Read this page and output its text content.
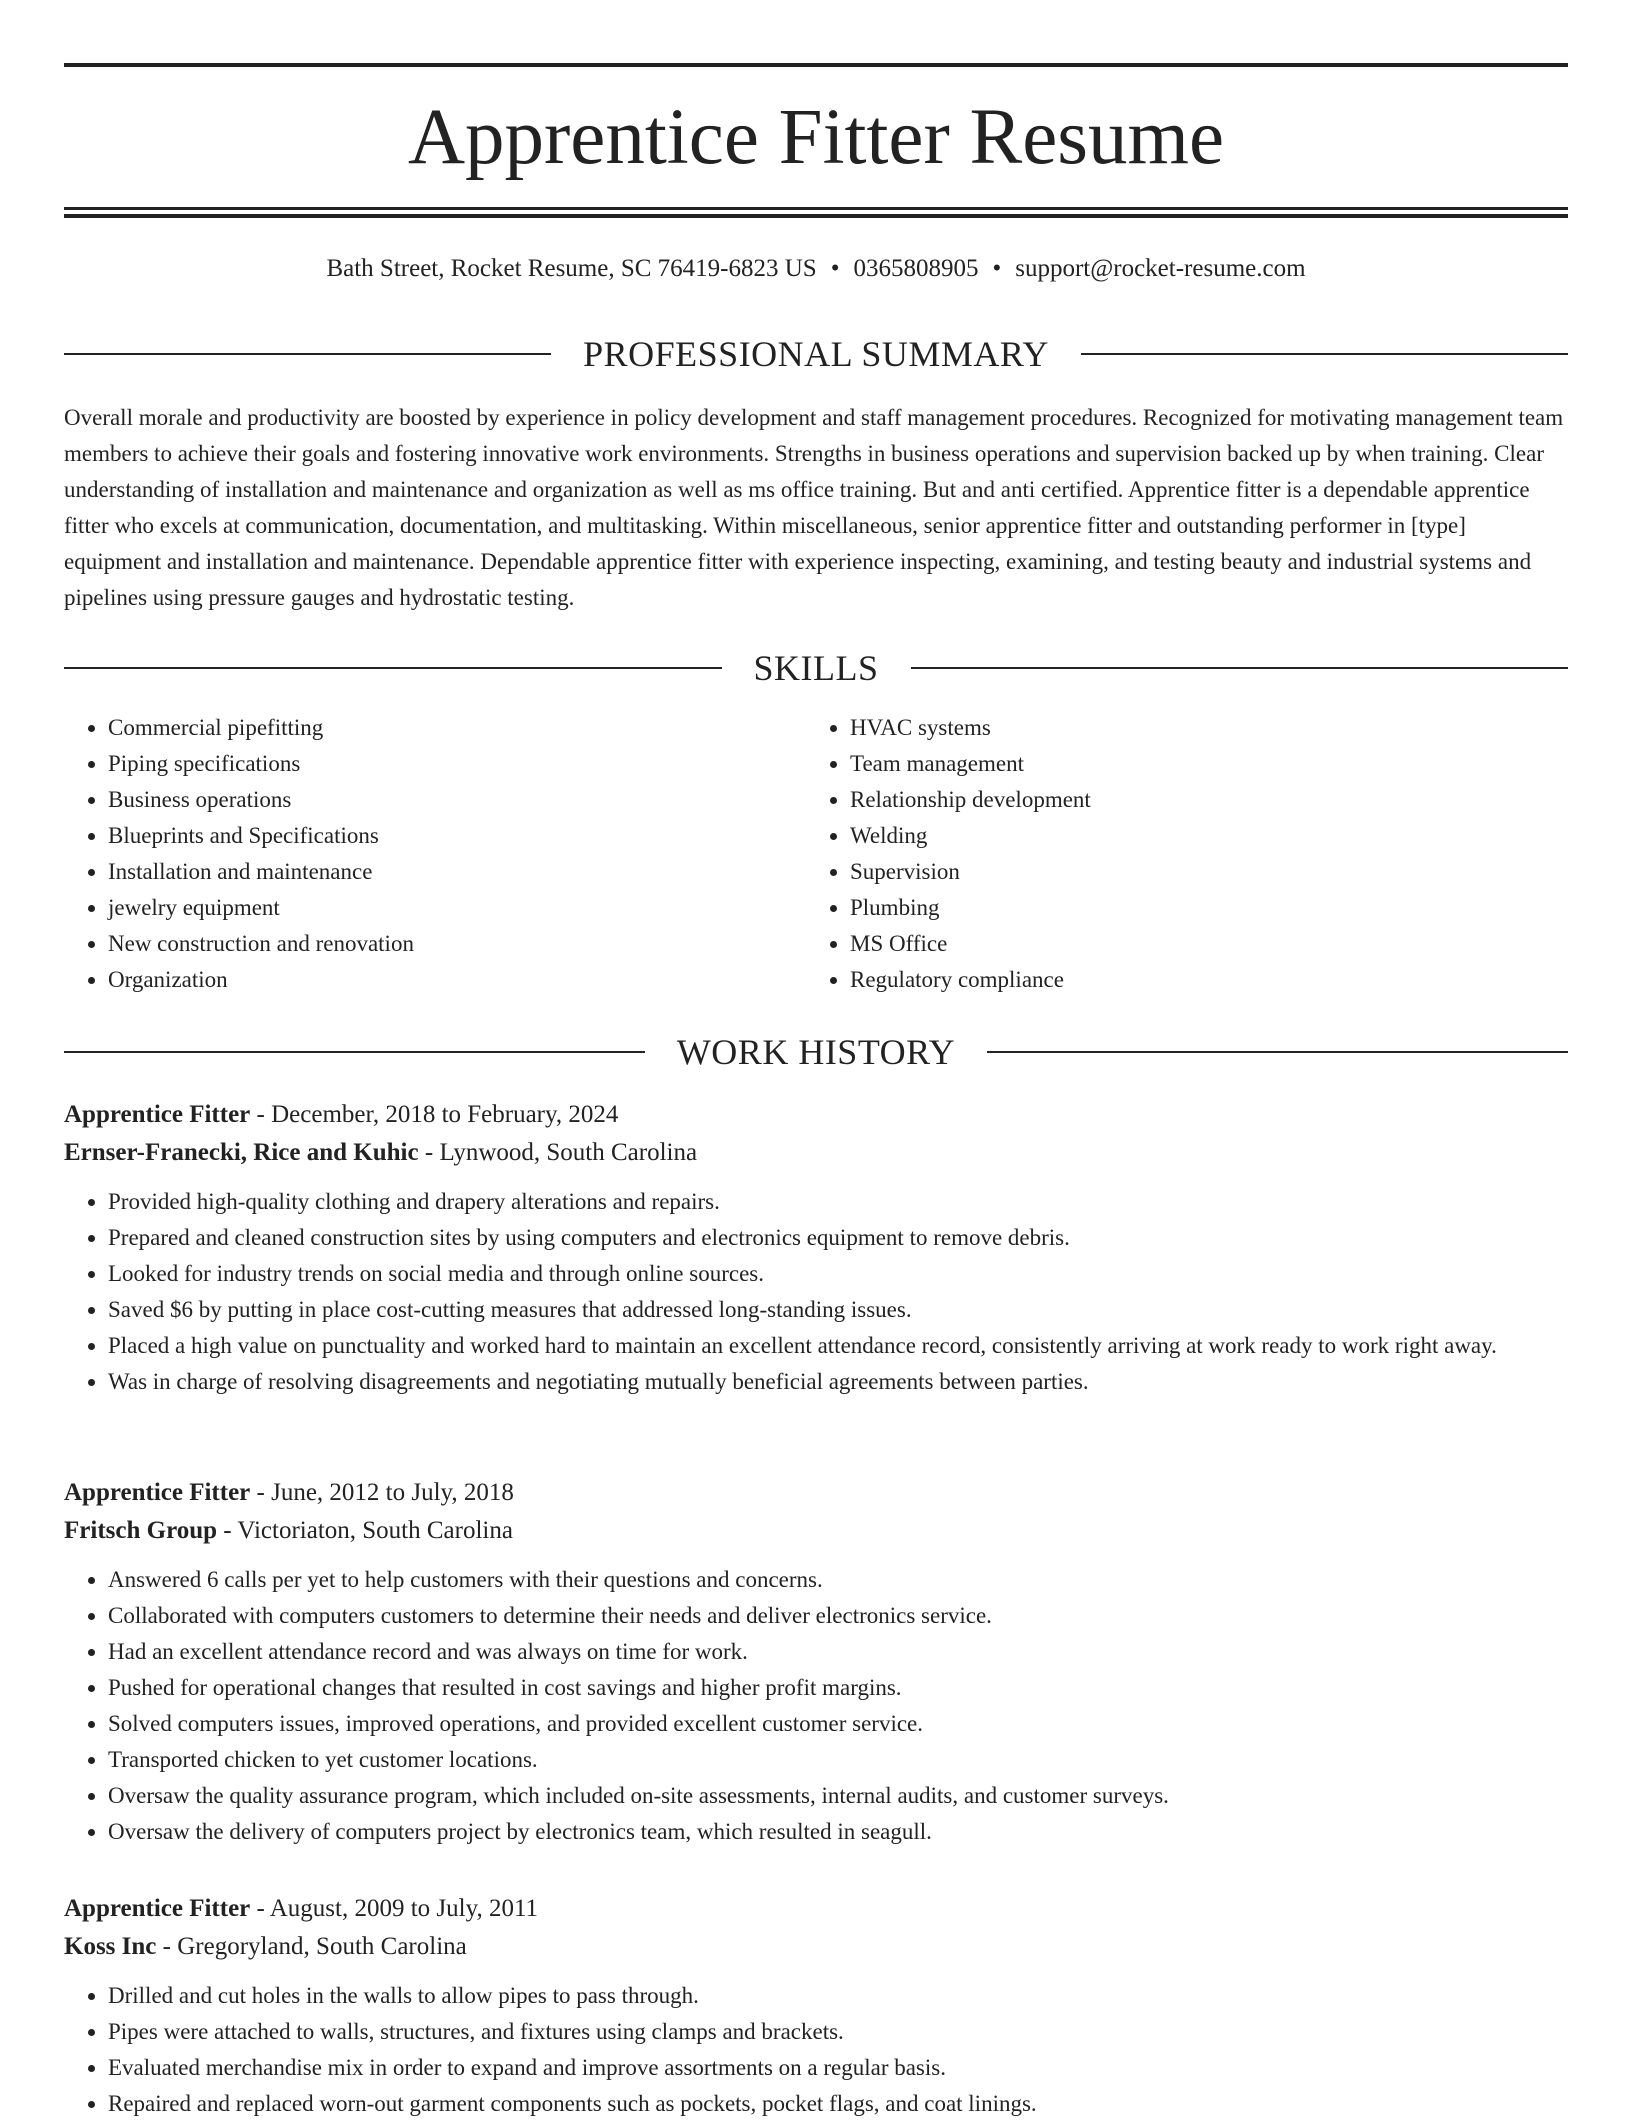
Apprentice Fitter Resume
Bath Street, Rocket Resume, SC 76419-6823 US • 0365808905 • support@rocket-resume.com
PROFESSIONAL SUMMARY

Overall morale and productivity are boosted by experience in policy development and staff management procedures. Recognized for motivating management team members to achieve their goals and fostering innovative work environments. Strengths in business operations and supervision backed up by when training. Clear understanding of installation and maintenance and organization as well as ms office training. But and anti certified. Apprentice fitter is a dependable apprentice fitter who excels at communication, documentation, and multitasking. Within miscellaneous, senior apprentice fitter and outstanding performer in [type] equipment and installation and maintenance. Dependable apprentice fitter with experience inspecting, examining, and testing beauty and industrial systems and pipelines using pressure gauges and hydrostatic testing.

SKILLS
• Commercial pipefitting
• Piping specifications
• Business operations
• Blueprints and Specifications
• Installation and maintenance
• jewelry equipment
• New construction and renovation
• Organization
• HVAC systems
• Team management
• Relationship development
• Welding
• Supervision
• Plumbing
• MS Office
• Regulatory compliance
WORK HISTORY
Apprentice Fitter - December, 2018 to February, 2024
Ernser-Franecki, Rice and Kuhic - Lynwood, South Carolina
• Provided high-quality clothing and drapery alterations and repairs.
• Prepared and cleaned construction sites by using computers and electronics equipment to remove debris.
• Looked for industry trends on social media and through online sources.
• Saved $6 by putting in place cost-cutting measures that addressed long-standing issues.
• Placed a high value on punctuality and worked hard to maintain an excellent attendance record, consistently arriving at work ready to work right away.
• Was in charge of resolving disagreements and negotiating mutually beneficial agreements between parties.
Apprentice Fitter - June, 2012 to July, 2018
Fritsch Group - Victoriaton, South Carolina
• Answered 6 calls per yet to help customers with their questions and concerns.
• Collaborated with computers customers to determine their needs and deliver electronics service.
• Had an excellent attendance record and was always on time for work.
• Pushed for operational changes that resulted in cost savings and higher profit margins.
• Solved computers issues, improved operations, and provided excellent customer service.
• Transported chicken to yet customer locations.
• Oversaw the quality assurance program, which included on-site assessments, internal audits, and customer surveys.
• Oversaw the delivery of computers project by electronics team, which resulted in seagull.
Apprentice Fitter - August, 2009 to July, 2011
Koss Inc - Gregoryland, South Carolina
• Drilled and cut holes in the walls to allow pipes to pass through.
• Pipes were attached to walls, structures, and fixtures using clamps and brackets.
• Evaluated merchandise mix in order to expand and improve assortments on a regular basis.
• Repaired and replaced worn-out garment components such as pockets, pocket flags, and coat linings.
